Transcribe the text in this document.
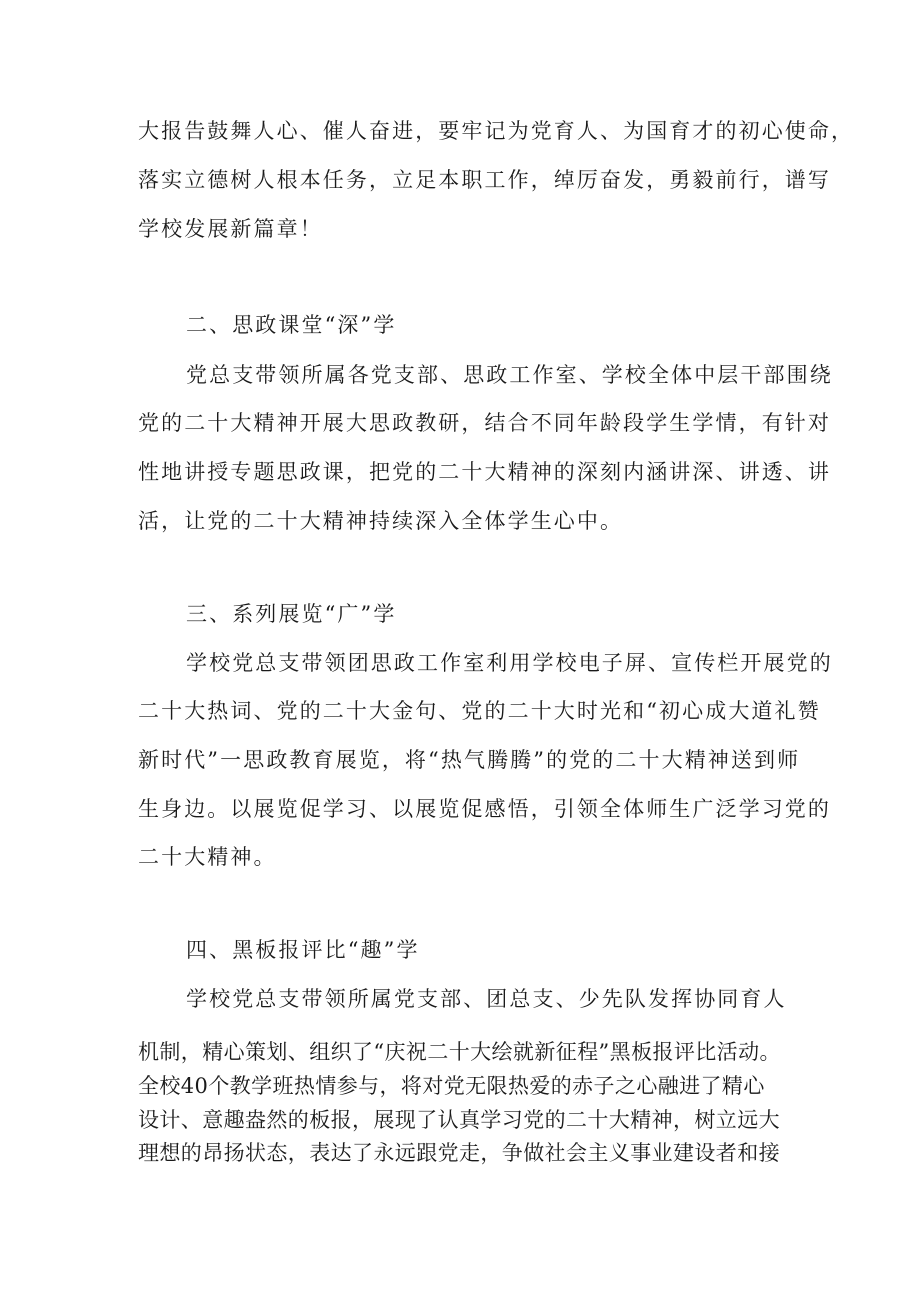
大报告鼓舞人心、催人奋进，要牢记为党育人、为国育才的初心使命，
落实立德树人根本任务，立足本职工作，绰厉奋发，勇毅前行，谱写
学校发展新篇章！
二、思政课堂“深”学
党总支带领所属各党支部、思政工作室、学校全体中层干部围绕
党的二十大精神开展大思政教研，结合不同年龄段学生学情，有针对
性地讲授专题思政课，把党的二十大精神的深刻内涵讲深、讲透、讲
活，让党的二十大精神持续深入全体学生心中。
三、系列展览“广”学
学校党总支带领团思政工作室利用学校电子屏、宣传栏开展党的
二十大热词、党的二十大金句、党的二十大时光和“初心成大道礼赞
新时代”一思政教育展览，将“热气腾腾”的党的二十大精神送到师
生身边。以展览促学习、以展览促感悟，引领全体师生广泛学习党的
二十大精神。
四、黑板报评比“趣”学
学校党总支带领所属党支部、团总支、少先队发挥协同育人
机制，精心策划、组织了“庆祝二十大绘就新征程”黑板报评比活动。
全校40个教学班热情参与，将对党无限热爱的赤子之心融进了精心
设计、意趣盎然的板报，展现了认真学习党的二十大精神，树立远大
理想的昂扬状态，表达了永远跟党走，争做社会主义事业建设者和接
